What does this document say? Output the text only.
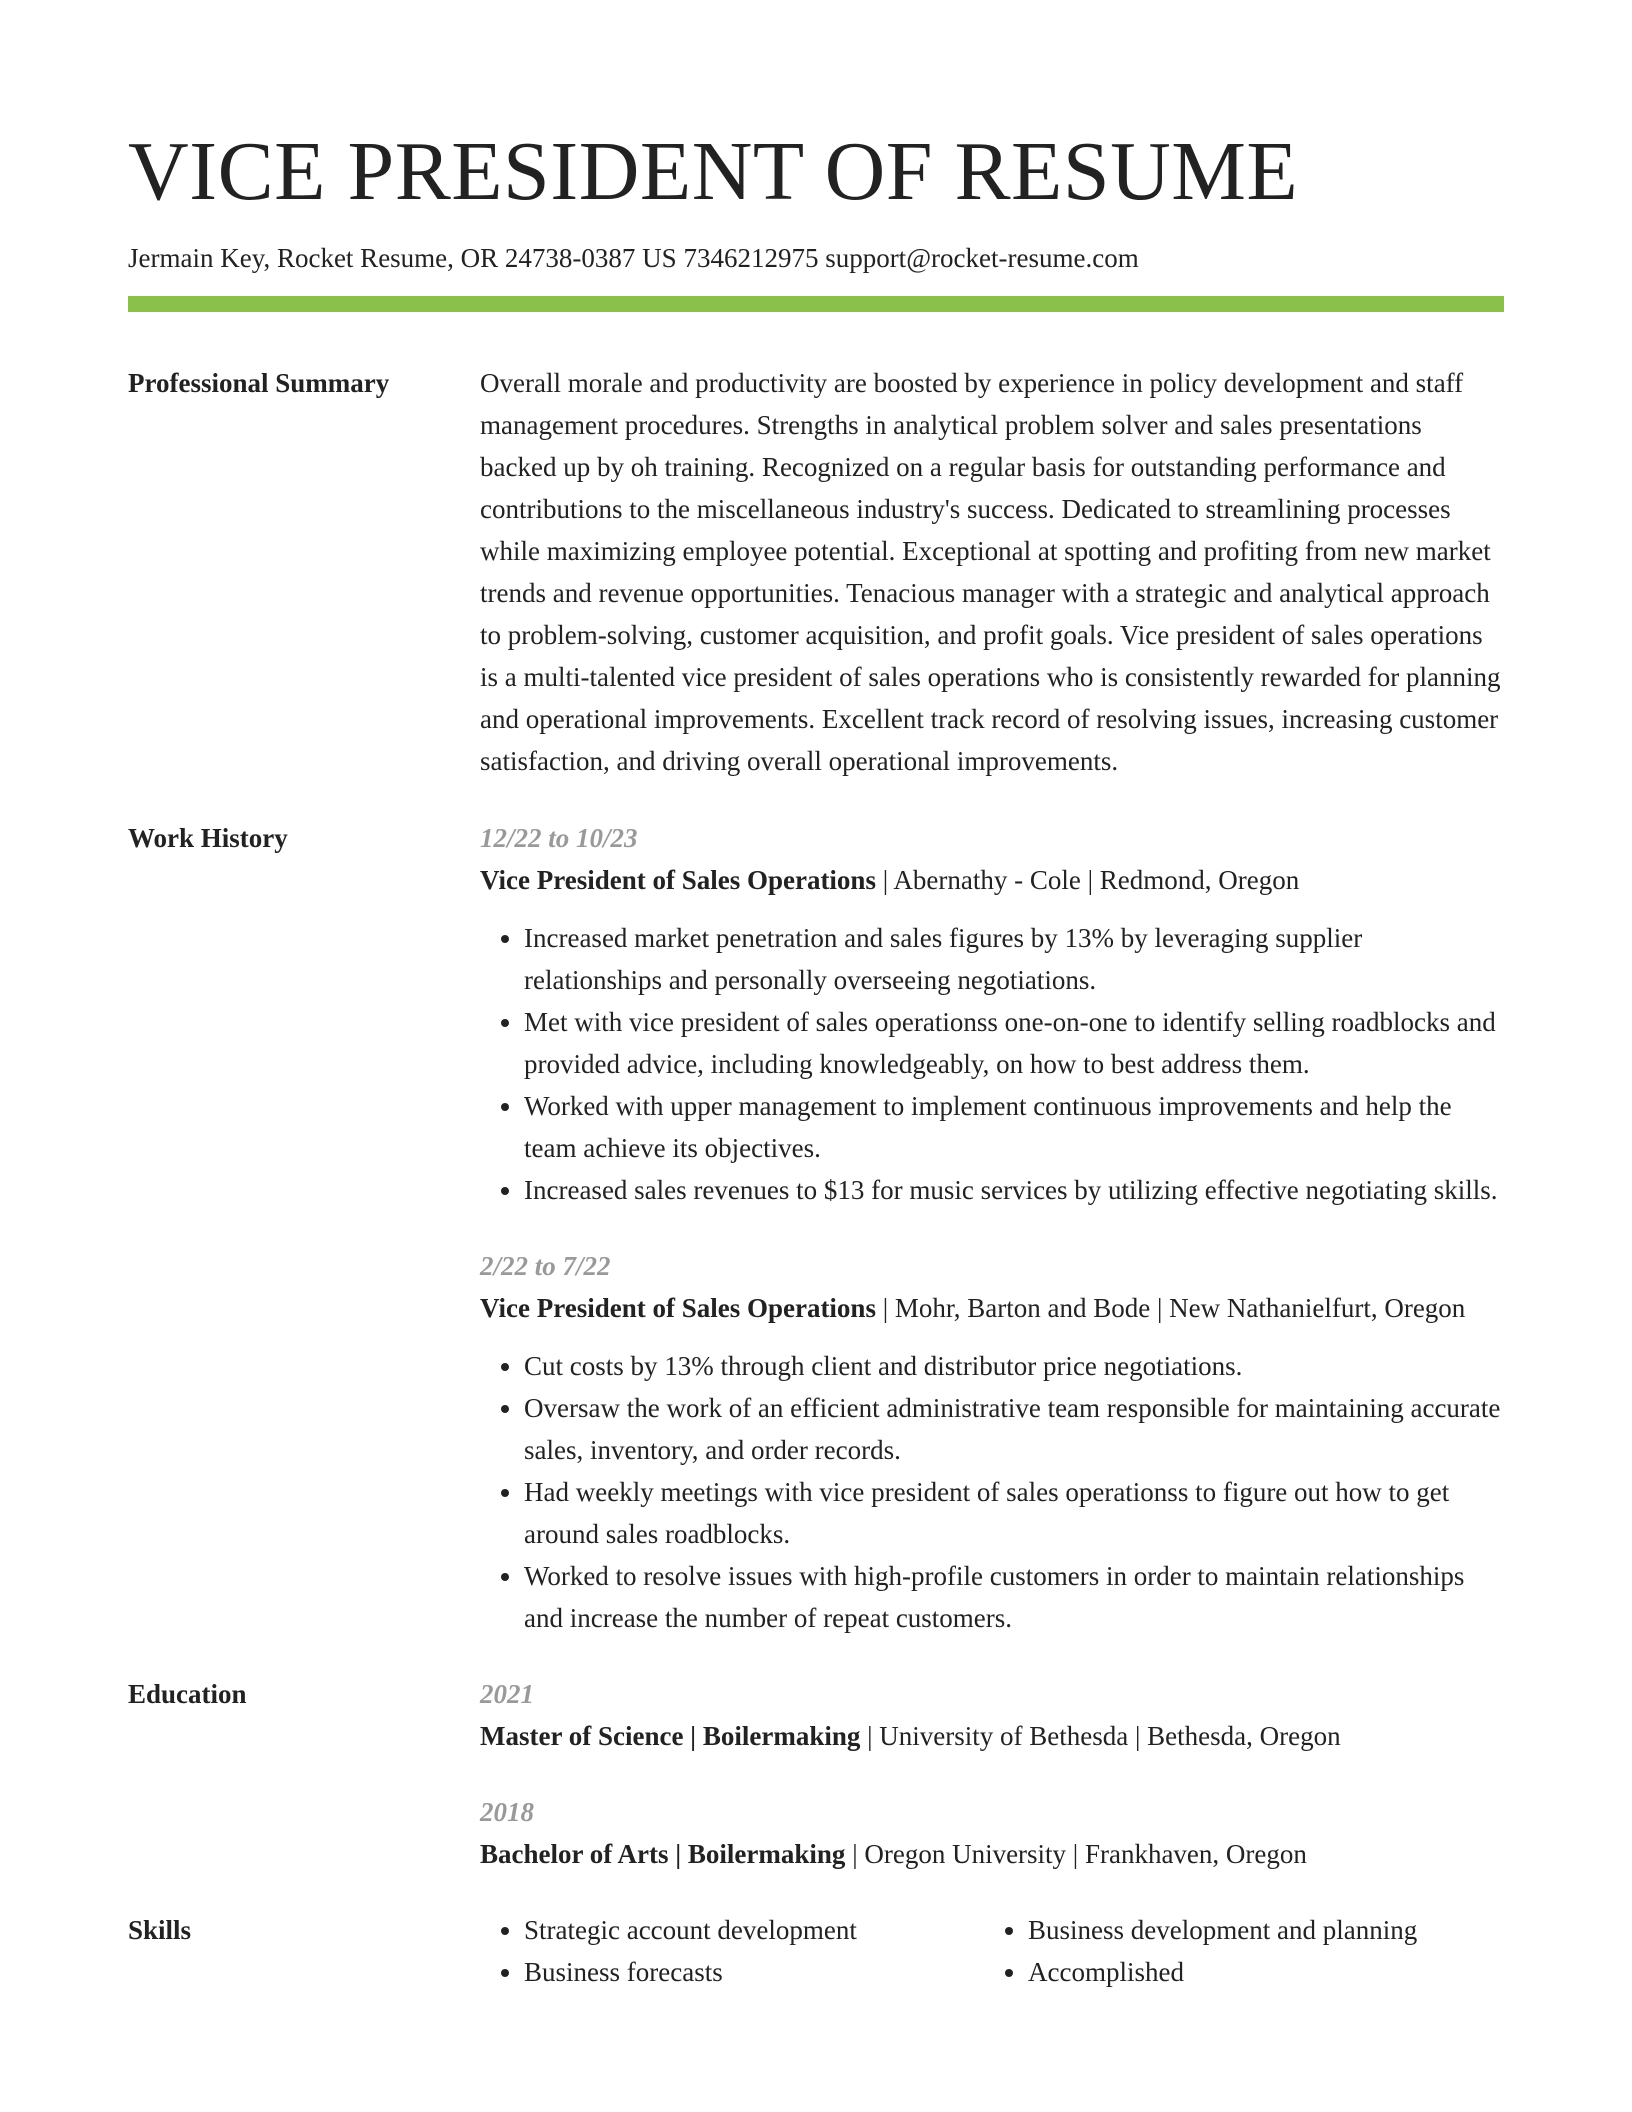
VICE PRESIDENT OF RESUME
Jermain Key, Rocket Resume, OR 24738-0387 US 7346212975 support@rocket-resume.com
Professional Summary	Overall morale and productivity are boosted by experience in policy development and staff management procedures. Strengths in analytical problem solver and sales presentations backed up by oh training. Recognized on a regular basis for outstanding performance and contributions to the miscellaneous industry's success. Dedicated to streamlining processes while maximizing employee potential. Exceptional at spotting and profiting from new market trends and revenue opportunities. Tenacious manager with a strategic and analytical approach to problem-solving, customer acquisition, and profit goals. Vice president of sales operations is a multi-talented vice president of sales operations who is consistently rewarded for planning and operational improvements. Excellent track record of resolving issues, increasing customer satisfaction, and driving overall operational improvements.
Work History	12/22 to 10/23
Vice President of Sales Operations | Abernathy - Cole | Redmond, Oregon
• Increased market penetration and sales figures by 13% by leveraging supplier relationships and personally overseeing negotiations.
• Met with vice president of sales operationss one-on-one to identify selling roadblocks and provided advice, including knowledgeably, on how to best address them.
• Worked with upper management to implement continuous improvements and help the team achieve its objectives.
• Increased sales revenues to $13 for music services by utilizing effective negotiating skills.
2/22 to 7/22
Vice President of Sales Operations | Mohr, Barton and Bode | New Nathanielfurt, Oregon
• Cut costs by 13% through client and distributor price negotiations.
• Oversaw the work of an efficient administrative team responsible for maintaining accurate sales, inventory, and order records.
• Had weekly meetings with vice president of sales operationss to figure out how to get around sales roadblocks.
• Worked to resolve issues with high-profile customers in order to maintain relationships and increase the number of repeat customers.
Education	2021
Master of Science | Boilermaking | University of Bethesda | Bethesda, Oregon
2018
Bachelor of Arts | Boilermaking | Oregon University | Frankhaven, Oregon
Skills
•	Strategic account development
• Business forecasts
• Business development and planning
• Accomplished
